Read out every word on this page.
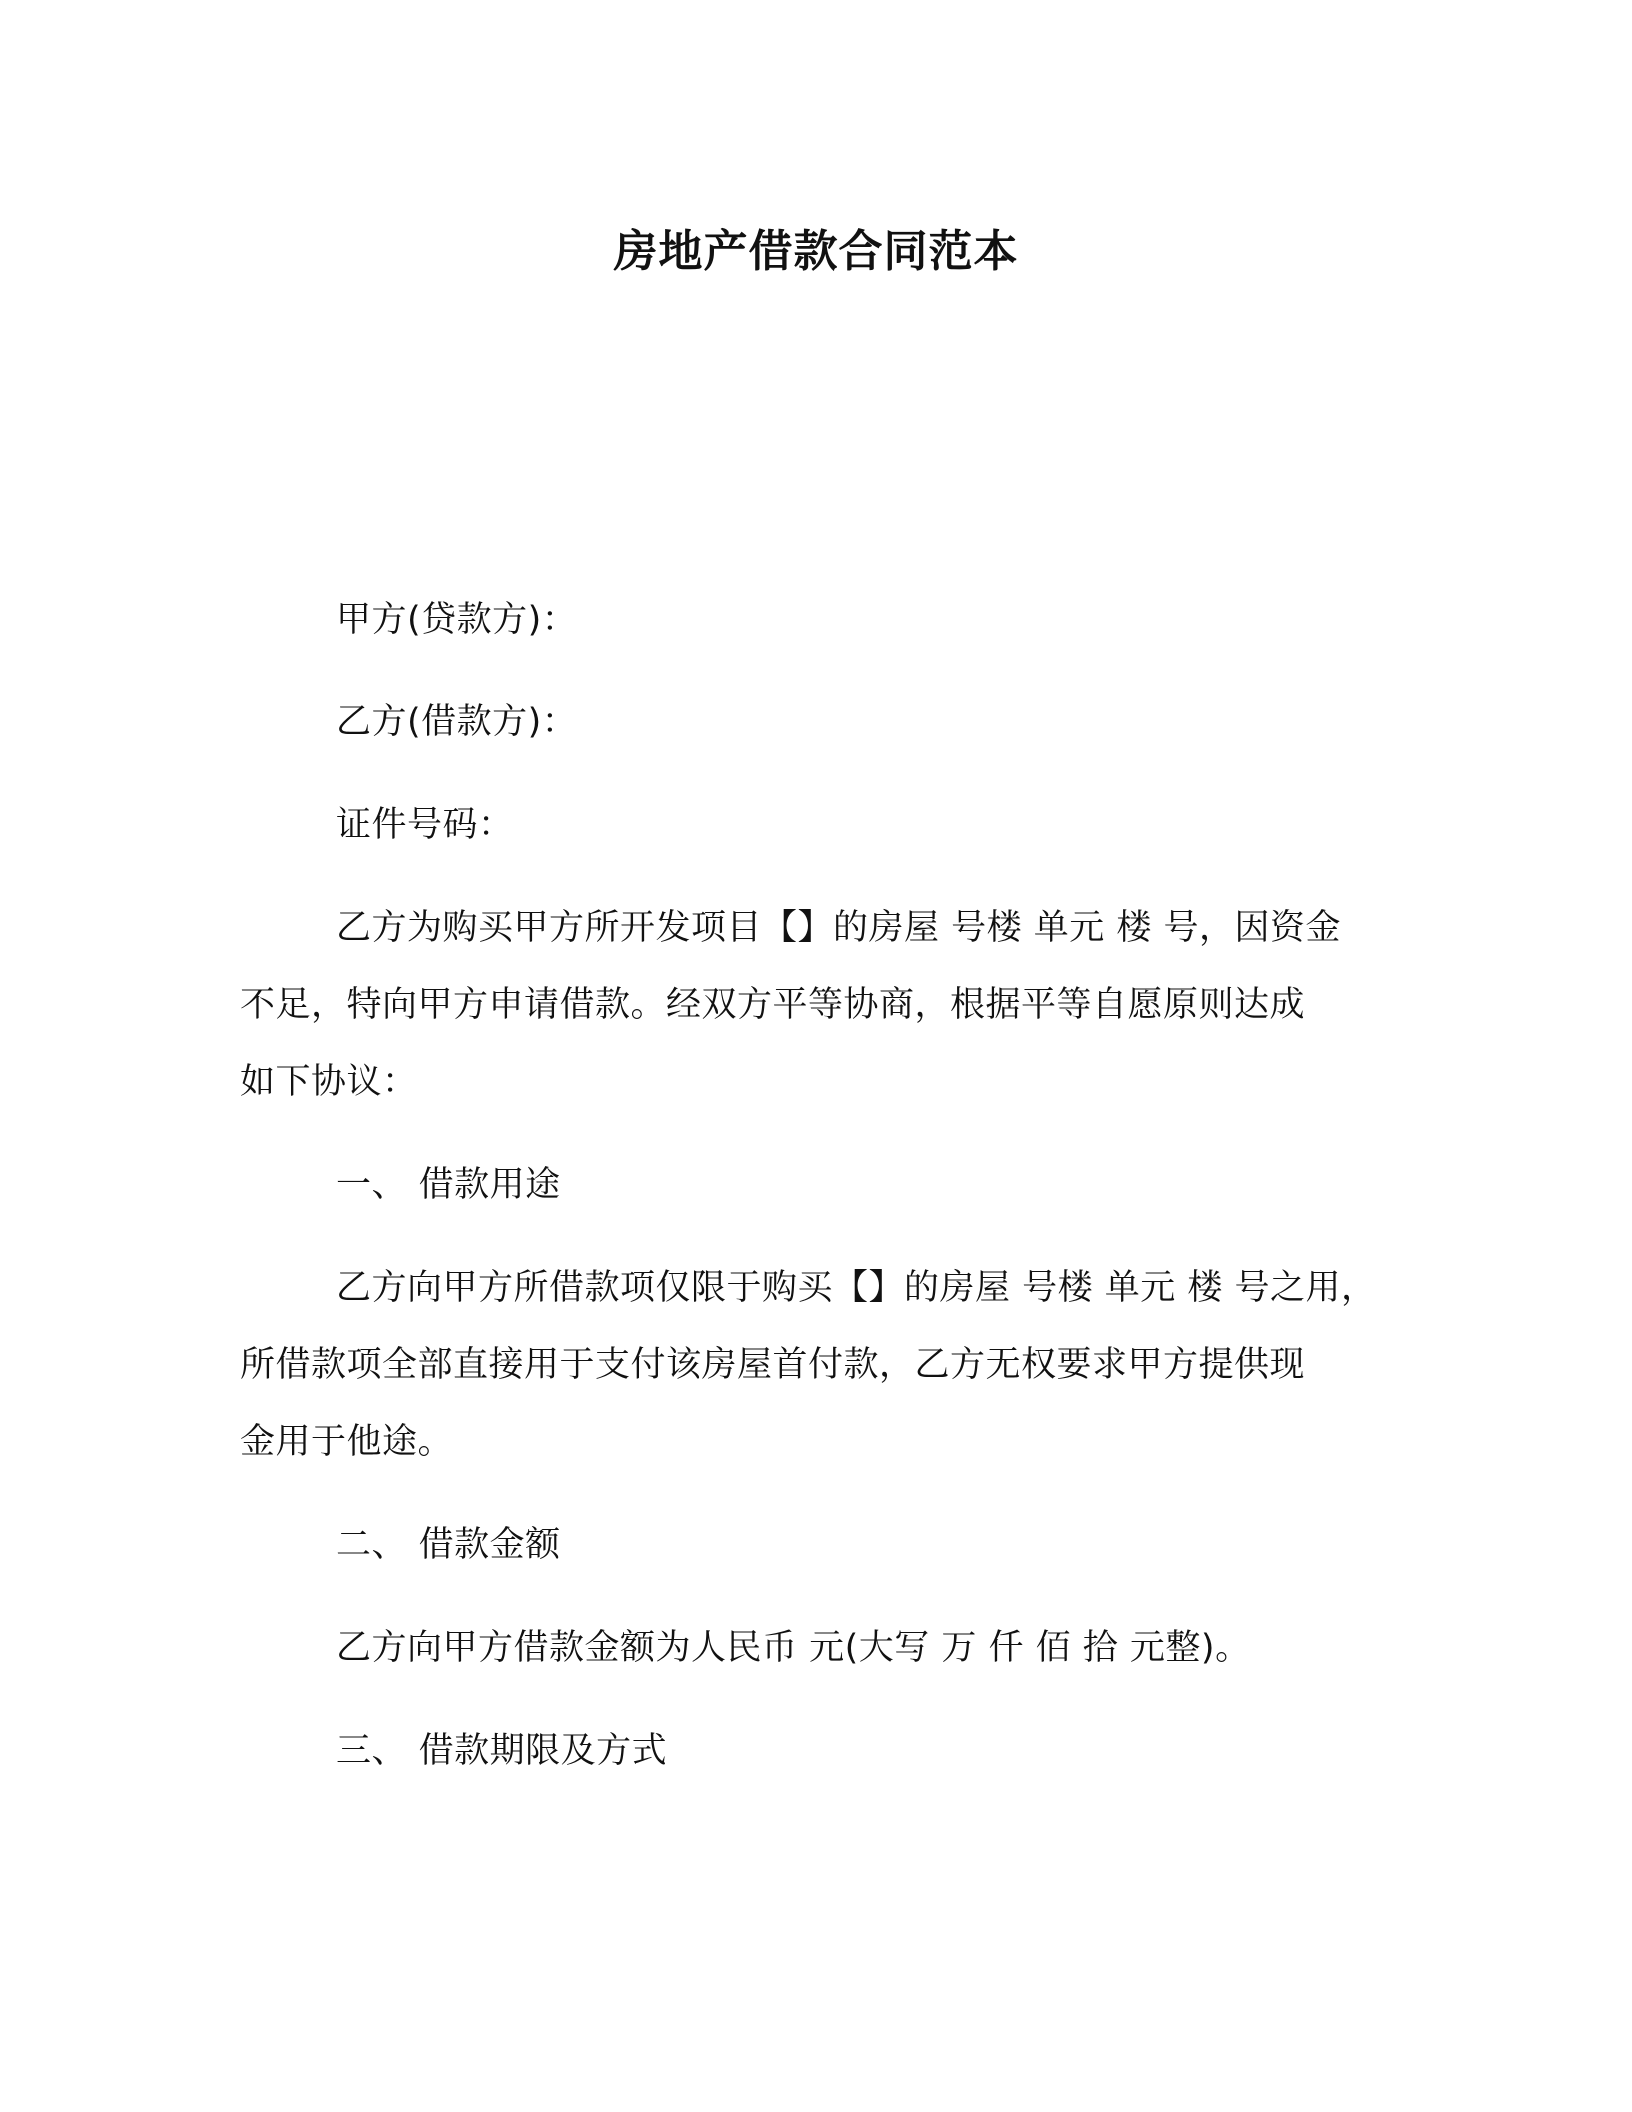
房地产借款合同范本
甲方(贷款方)：
乙方(借款方)：
证件号码：
乙方为购买甲方所开发项目【】的房屋 号楼 单元 楼 号，因资金
不足，特向甲方申请借款。经双方平等协商，根据平等自愿原则达成
如下协议：
一、 借款用途
乙方向甲方所借款项仅限于购买【】的房屋 号楼 单元 楼 号之用，
所借款项全部直接用于支付该房屋首付款，乙方无权要求甲方提供现
金用于他途。
二、 借款金额
乙方向甲方借款金额为人民币 元(大写 万 仟 佰 拾 元整)。
三、 借款期限及方式
